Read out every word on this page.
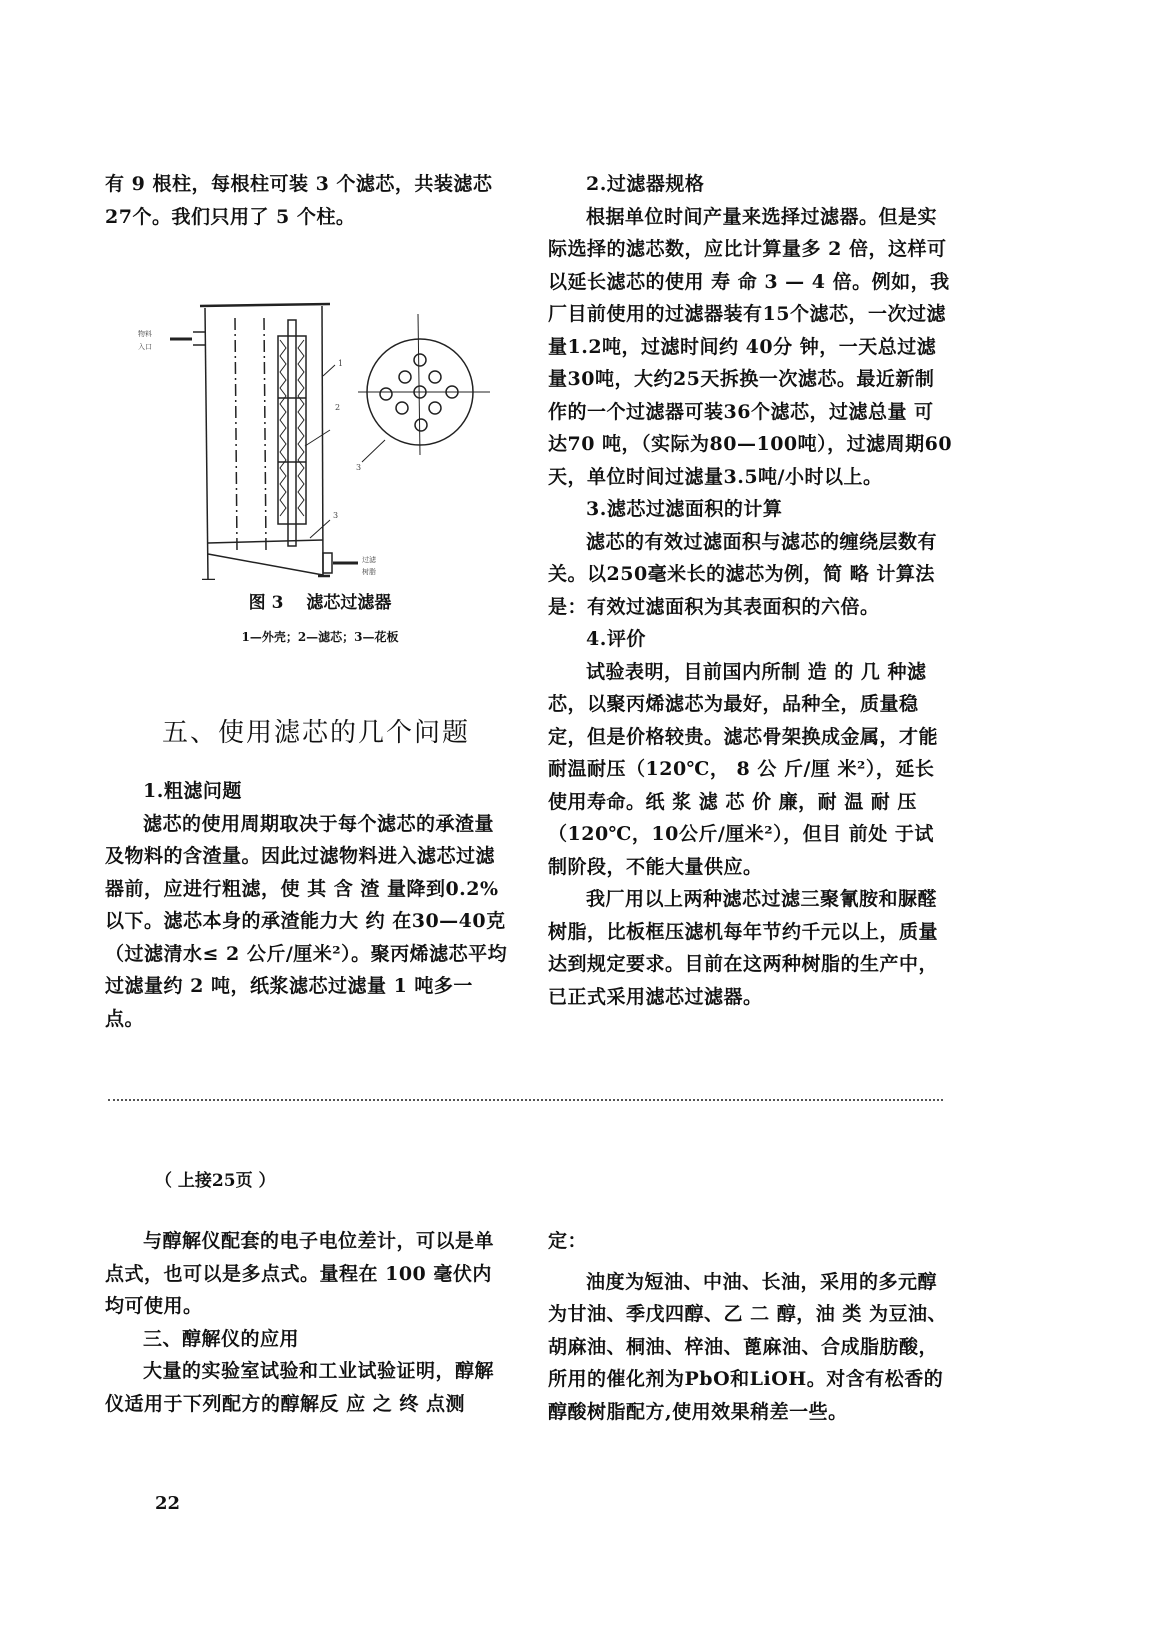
有 9 根柱，每根柱可装 3 个滤芯，共装滤芯

27个。我们只用了 5 个柱。

物料
入口
过滤
树脂
1
2
3
3
图 3　 滤芯过滤器
1—外壳；2—滤芯；3—花板
五、使用滤芯的几个问题

1.粗滤问题

滤芯的使用周期取决于每个滤芯的承渣量及物料的含渣量。因此过滤物料进入滤芯过滤器前，应进行粗滤，使 其 含 渣 量降到0.2%以下。滤芯本身的承渣能力大 约 在30—40克（过滤清水≤ 2 公斤/厘米²）。聚丙烯滤芯平均过滤量约 2 吨，纸浆滤芯过滤量 1 吨多一点。

2.过滤器规格

根据单位时间产量来选择过滤器。但是实际选择的滤芯数，应比计算量多 2 倍，这样可以延长滤芯的使用 寿 命 3 — 4 倍。例如，我厂目前使用的过滤器装有15个滤芯，一次过滤量1.2吨，过滤时间约 40分 钟，一天总过滤量30吨，大约25天拆换一次滤芯。最近新制作的一个过滤器可装36个滤芯，过滤总量 可 达70 吨，（实际为80—100吨），过滤周期60天，单位时间过滤量3.5吨/小时以上。

3.滤芯过滤面积的计算

滤芯的有效过滤面积与滤芯的缠绕层数有关。以250毫米长的滤芯为例，简 略 计算法是：有效过滤面积为其表面积的六倍。

4.评价

试验表明，目前国内所制 造 的 几 种滤芯，以聚丙烯滤芯为最好，品种全，质量稳定，但是价格较贵。滤芯骨架换成金属，才能耐温耐压（120℃， 8 公 斤/厘 米²），延长使用寿命。纸 浆 滤 芯 价 廉，耐 温 耐 压（120℃，10公斤/厘米²），但目 前处 于试制阶段，不能大量供应。

我厂用以上两种滤芯过滤三聚氰胺和脲醛树脂，比板框压滤机每年节约千元以上，质量达到规定要求。目前在这两种树脂的生产中，已正式采用滤芯过滤器。

（ 上接25页 ）

与醇解仪配套的电子电位差计，可以是单点式，也可以是多点式。量程在 100 毫伏内均可使用。

三、醇解仪的应用

大量的实验室试验和工业试验证明，醇解仪适用于下列配方的醇解反 应 之 终 点测

定：

油度为短油、中油、长油，采用的多元醇为甘油、季戊四醇、乙 二 醇，油 类 为豆油、胡麻油、桐油、梓油、蓖麻油、合成脂肪酸，所用的催化剂为PbO和LiOH。对含有松香的醇酸树脂配方,使用效果稍差一些。

22
